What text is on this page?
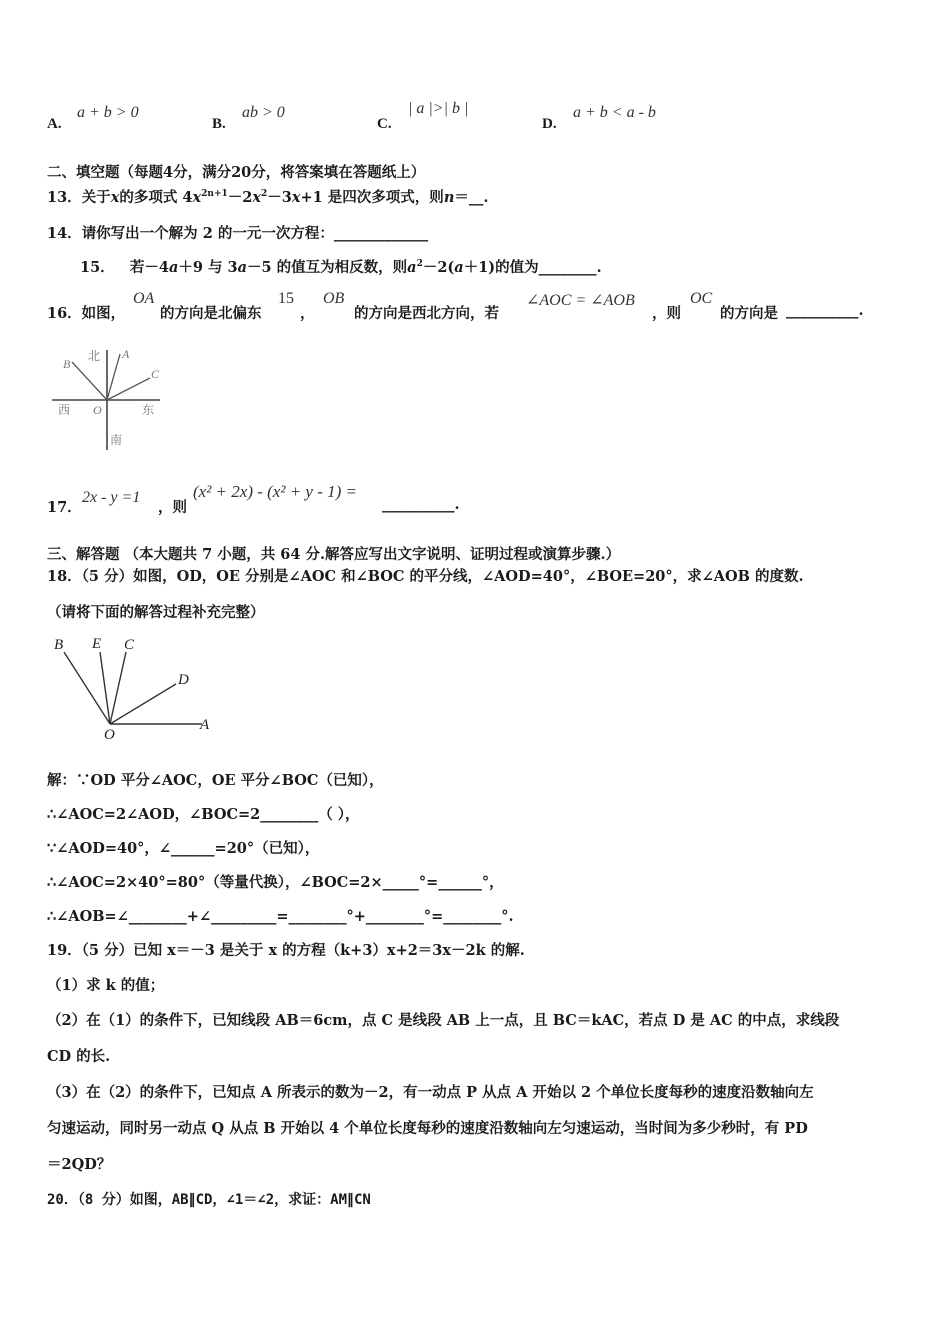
A.
a + b > 0
B.
ab > 0
C.
| a |>| b |
D.
a + b < a - b
二、填空题（每题4分，满分20分，将答案填在答题纸上）
13．关于x的多项式 $4x^{2n+1}-2x^2-3x+1$ 是四次多项式，则n＝__.
14．请你写出一个解为 2 的一元一次方程：_____________
15． 若－4a＋9 与 3a－5 的值互为相反数，则$a^2-2(a+1)$的值为________.
16．如图，
OA
的方向是北偏东
15
，
OB
的方向是西北方向，若
∠AOC = ∠AOB
，则
OC
的方向是 __________.
北 A
B
C
西 O	东
南
17．
2x - y =1
，则
(x² + 2x) - (x² + y - 1) =
__________.
三、解答题 （本大题共 7 小题，共 64 分.解答应写出文字说明、证明过程或演算步骤.）
18．（5 分）如图，OD，OE 分别是∠AOC 和∠BOC 的平分线，∠AOD=40°，∠BOE=20°，求∠AOB 的度数.
（请将下面的解答过程补充完整）
B E C
D
O
A
解：∵OD 平分∠AOC，OE 平分∠BOC（已知），
∴∠AOC=2∠AOD，∠BOC=2________（ ），
∵∠AOD=40°，∠______=20°（已知），
∴∠AOC=2×40°=80°（等量代换），∠BOC=2×_____°=______°，
∴∠AOB=∠________+∠_________=________°+________°=________°.
19．（5 分）已知 x＝－3 是关于 x 的方程（k+3）x+2＝3x－2k 的解.
（1）求 k 的值；
（2）在（1）的条件下，已知线段 AB＝6cm，点 C 是线段 AB 上一点，且 BC＝kAC，若点 D 是 AC 的中点，求线段
CD 的长.
（3）在（2）的条件下，已知点 A 所表示的数为－2，有一动点 P 从点 A 开始以 2 个单位长度每秒的速度沿数轴向左
匀速运动，同时另一动点 Q 从点 B 开始以 4 个单位长度每秒的速度沿数轴向左匀速运动，当时间为多少秒时，有 PD
＝2QD？
20．（8 分）如图，AB∥CD，∠1＝∠2，求证：AM∥CN
